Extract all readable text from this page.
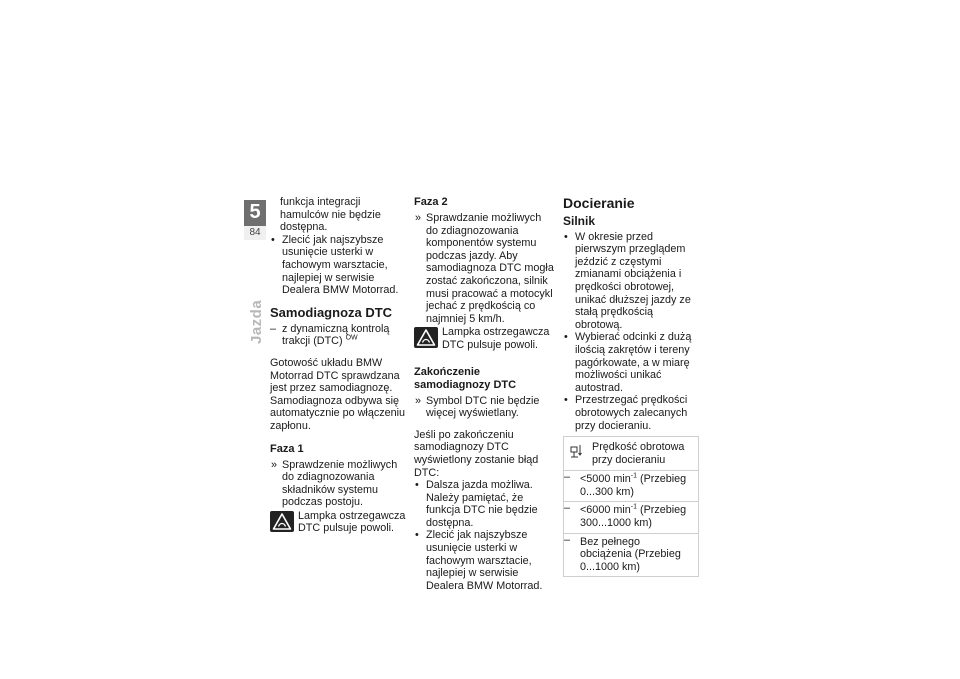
5
84
Jazda

funkcja integracji hamulców nie będzie dostępna.

• Zlecić jak najszybsze usunięcie usterki w fachowym warsztacie, najlepiej w serwisie Dealera BMW Motorrad.

Samodiagnoza DTC

– z dynamiczną kontrolą trakcji (DTC) $^{OW}$

Gotowość układu BMW Motorrad DTC sprawdzana jest przez samodiagnozę. Samodiagnoza odbywa się automatycznie po włączeniu zapłonu.

Faza 1

» Sprawdzenie możliwych do zdiagnozowania składników systemu podczas postoju.

Lampka ostrzegawcza DTC pulsuje powoli.
Faza 2

» Sprawdzanie możliwych do zdiagnozowania komponentów systemu podczas jazdy. Aby samodiagnoza DTC mogła zostać zakończona, silnik musi pracować a motocykl jechać z prędkością co najmniej 5 km/h.

Lampka ostrzegawcza DTC pulsuje powoli.
Zakończenie samodiagnozy DTC

» Symbol DTC nie będzie więcej wyświetlany.

Jeśli po zakończeniu samodiagnozy DTC wyświetlony zostanie błąd DTC:

• Dalsza jazda możliwa. Należy pamiętać, że funkcja DTC nie będzie dostępna.

• Zlecić jak najszybsze usunięcie usterki w fachowym warsztacie, najlepiej w serwisie Dealera BMW Motorrad.

Docieranie
Silnik

• W okresie przed pierwszym przeglądem jeździć z częstymi zmianami obciążenia i prędkości obrotowej, unikać dłuższej jazdy ze stałą prędkością obrotową.

• Wybierać odcinki z dużą ilością zakrętów i tereny pagórkowate, a w miarę możliwości unikać autostrad.

• Przestrzegać prędkości obrotowych zalecanych przy docieraniu.

Prędkość obrotowa przy docieraniu
– <5000 $\min^{-1}$ (Przebieg 0...300 km)
– <6000 $\min^{-1}$ (Przebieg 300...1000 km)
– Bez pełnego obciążenia (Przebieg 0...1000 km)
